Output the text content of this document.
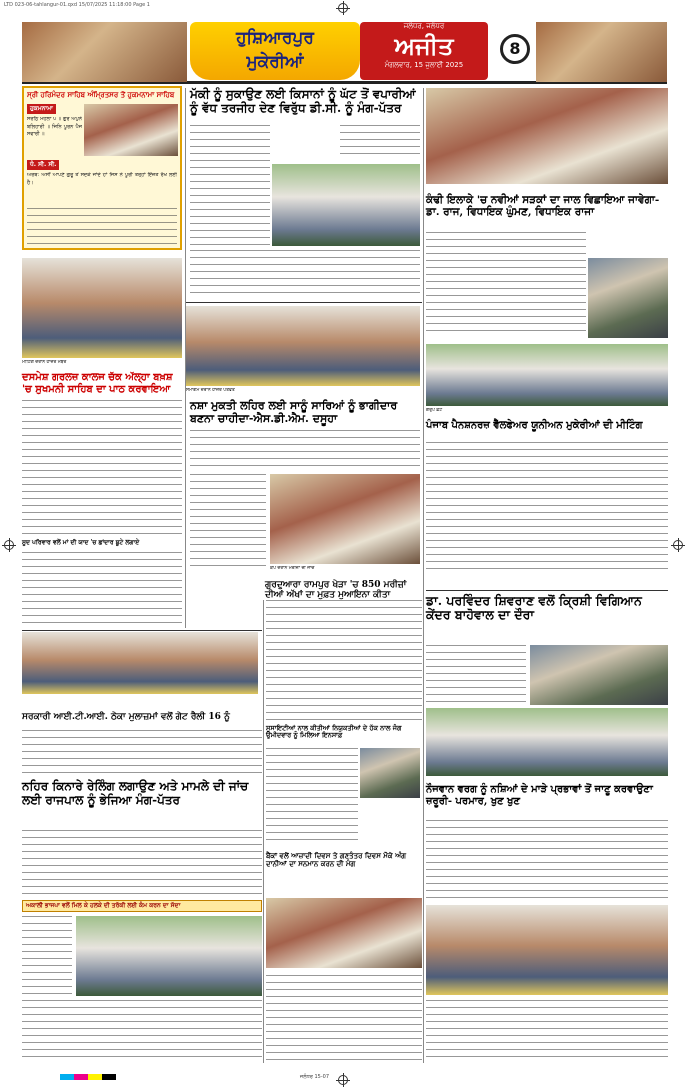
LTD 023-06-tahlangur-01.qxd 15/07/2025 11:18:00 Page 1
ਹੁਸ਼ਿਆਰਪੁਰ
ਮੁਕੇਰੀਆਂ
ਜਲੰਧਰ, ਜਲੰਧਰ
ਅਜੀਤ
ਮੰਗਲਵਾਰ, 15 ਜੁਲਾਈ 2025
8
ਸ੍ਰੀ ਹਰਿਮੰਦਰ ਸਾਹਿਬ ਅੰਮ੍ਰਿਤਸਰ ਤੋਂ ਹੁਕਮਨਾਮਾ ਸਾਹਿਬ
ਹੁਕਮਨਾਮਾ
ਸੋਰਠਿ ਮਹਲਾ ੫ ॥ ਗੁਰ ਅਪੁਨੇ ਬਲਿਹਾਰੀ ॥ ਜਿਨਿ ਪੂਰਨ ਪੈਜ ਸਵਾਰੀ ॥
ਧੰ. ਸੀ. ਸੀ.
ਅਰਥ: ਅਸੀਂ ਆਪਣੇ ਗੁਰੂ ਤੋਂ ਸਦਕੇ ਜਾਂਦੇ ਹਾਂ ਜਿਸ ਨੇ ਪੂਰੀ ਤਰ੍ਹਾਂ ਇੱਜ਼ਤ ਰੱਖ ਲਈ ਹੈ।
ਮੱਕੀ ਨੂੰ ਸੁਕਾਉਣ ਲਈ ਕਿਸਾਨਾਂ ਨੂੰ ਘੱਟ ਤੋਂ ਵਪਾਰੀਆਂ ਨੂੰ ਵੱਧ ਤਰਜੀਹ ਦੇਣ ਵਿਰੁੱਧ ਡੀ.ਸੀ. ਨੂੰ ਮੰਗ-ਪੱਤਰ
ਮੀਟਿੰਗ ਦੌਰਾਨ ਹਾਜ਼ਰ ਮੈਂਬਰ
ਦਸਮੇਸ਼ ਗਰਲਜ਼ ਕਾਲਜ ਚੱਕ ਅੱਲ੍ਹਾ ਬਖ਼ਸ਼ 'ਚ ਸੁਖਮਨੀ ਸਾਹਿਬ ਦਾ ਪਾਠ ਕਰਵਾਇਆ
ਸੂਦ ਪਰਿਵਾਰ ਵਲੋਂ ਮਾਂ ਦੀ ਯਾਦ 'ਚ ਛਾਂਦਾਰ ਬੂਟੇ ਲਗਾਏ
ਸਮਾਗਮ ਦੌਰਾਨ ਹਾਜ਼ਰ ਪਤਵੰਤੇ
ਨਸ਼ਾ ਮੁਕਤੀ ਲਹਿਰ ਲਈ ਸਾਨੂੰ ਸਾਰਿਆਂ ਨੂੰ ਭਾਗੀਦਾਰ ਬਣਨਾ ਚਾਹੀਦਾ-ਐਸ.ਡੀ.ਐਮ. ਦਸੂਹਾ
ਕੈਂਪ ਦੌਰਾਨ ਮਰੀਜ਼ਾਂ ਦੀ ਜਾਂਚ
ਗੁਰਦੁਆਰਾ ਰਾਮਪੁਰ ਖੇੜਾ 'ਚ 850 ਮਰੀਜ਼ਾਂ ਦੀਆਂ ਅੱਖਾਂ ਦਾ ਮੁਫ਼ਤ ਮੁਆਇਨਾ ਕੀਤਾ
ਕੰਢੀ ਇਲਾਕੇ 'ਚ ਨਵੀਆਂ ਸੜਕਾਂ ਦਾ ਜਾਲ ਵਿਛਾਇਆ ਜਾਵੇਗਾ- ਡਾ. ਰਾਜ, ਵਿਧਾਇਕ ਘੁੰਮਣ, ਵਿਧਾਇਕ ਰਾਜਾ
ਗਰੁੱਪ ਫ਼ੋਟੋ
ਪੰਜਾਬ ਪੈਨਸ਼ਨਰਜ਼ ਵੈੱਲਫੇਅਰ ਯੂਨੀਅਨ ਮੁਕੇਰੀਆਂ ਦੀ ਮੀਟਿੰਗ
ਡਾ. ਪਰਵਿੰਦਰ ਸ਼ਿਵਰਾਣ ਵਲੋਂ ਕ੍ਰਿਸ਼ੀ ਵਿਗਿਆਨ ਕੇਂਦਰ ਬਾਹੋਵਾਲ ਦਾ ਦੌਰਾ
ਨੌਜਵਾਨ ਵਰਗ ਨੂੰ ਨਸ਼ਿਆਂ ਦੇ ਮਾੜੇ ਪ੍ਰਭਾਵਾਂ ਤੋਂ ਜਾਣੂ ਕਰਵਾਉਣਾ ਜ਼ਰੂਰੀ- ਪਰਮਾਰ, ਖੁਣ ਖੁਣ
ਸਰਕਾਰੀ ਆਈ.ਟੀ.ਆਈ. ਠੇਕਾ ਮੁਲਾਜ਼ਮਾਂ ਵਲੋਂ ਗੇਟ ਰੈਲੀ 16 ਨੂੰ
ਨਹਿਰ ਕਿਨਾਰੇ ਰੇਲਿੰਗ ਲਗਾਉਣ ਅਤੇ ਮਾਮਲੇ ਦੀ ਜਾਂਚ ਲਈ ਰਾਜਪਾਲ ਨੂੰ ਭੇਜਿਆ ਮੰਗ-ਪੱਤਰ
ਅਕਾਲੀ ਭਾਜਪਾ ਵਲੋਂ ਮਿਲ ਕੇ ਹਲਕੇ ਦੀ ਤਰੱਕੀ ਲਈ ਕੰਮ ਕਰਨ ਦਾ ਸੱਦਾ
ਸੁਸਾਇਟੀਆਂ ਨਾਲ ਕੀਤੀਆਂ ਨਿਯੁਕਤੀਆਂ ਦੇ ਹੱਕ ਨਾਲ ਜੰਗ ਉਮੀਦਵਾਰ ਨੂੰ ਮਿਲਿਆ ਇਨਸਾਫ਼
ਬੈਂਕਾਂ ਵਲੋਂ ਆਜ਼ਾਦੀ ਦਿਵਸ ਤੇ ਗਣਤੰਤਰ ਦਿਵਸ ਮੌਕੇ ਅੰਗ ਦਾਨੀਆਂ ਦਾ ਸਨਮਾਨ ਕਰਨ ਦੀ ਮੰਗ
ਜਲੰਧਰ 15-07
